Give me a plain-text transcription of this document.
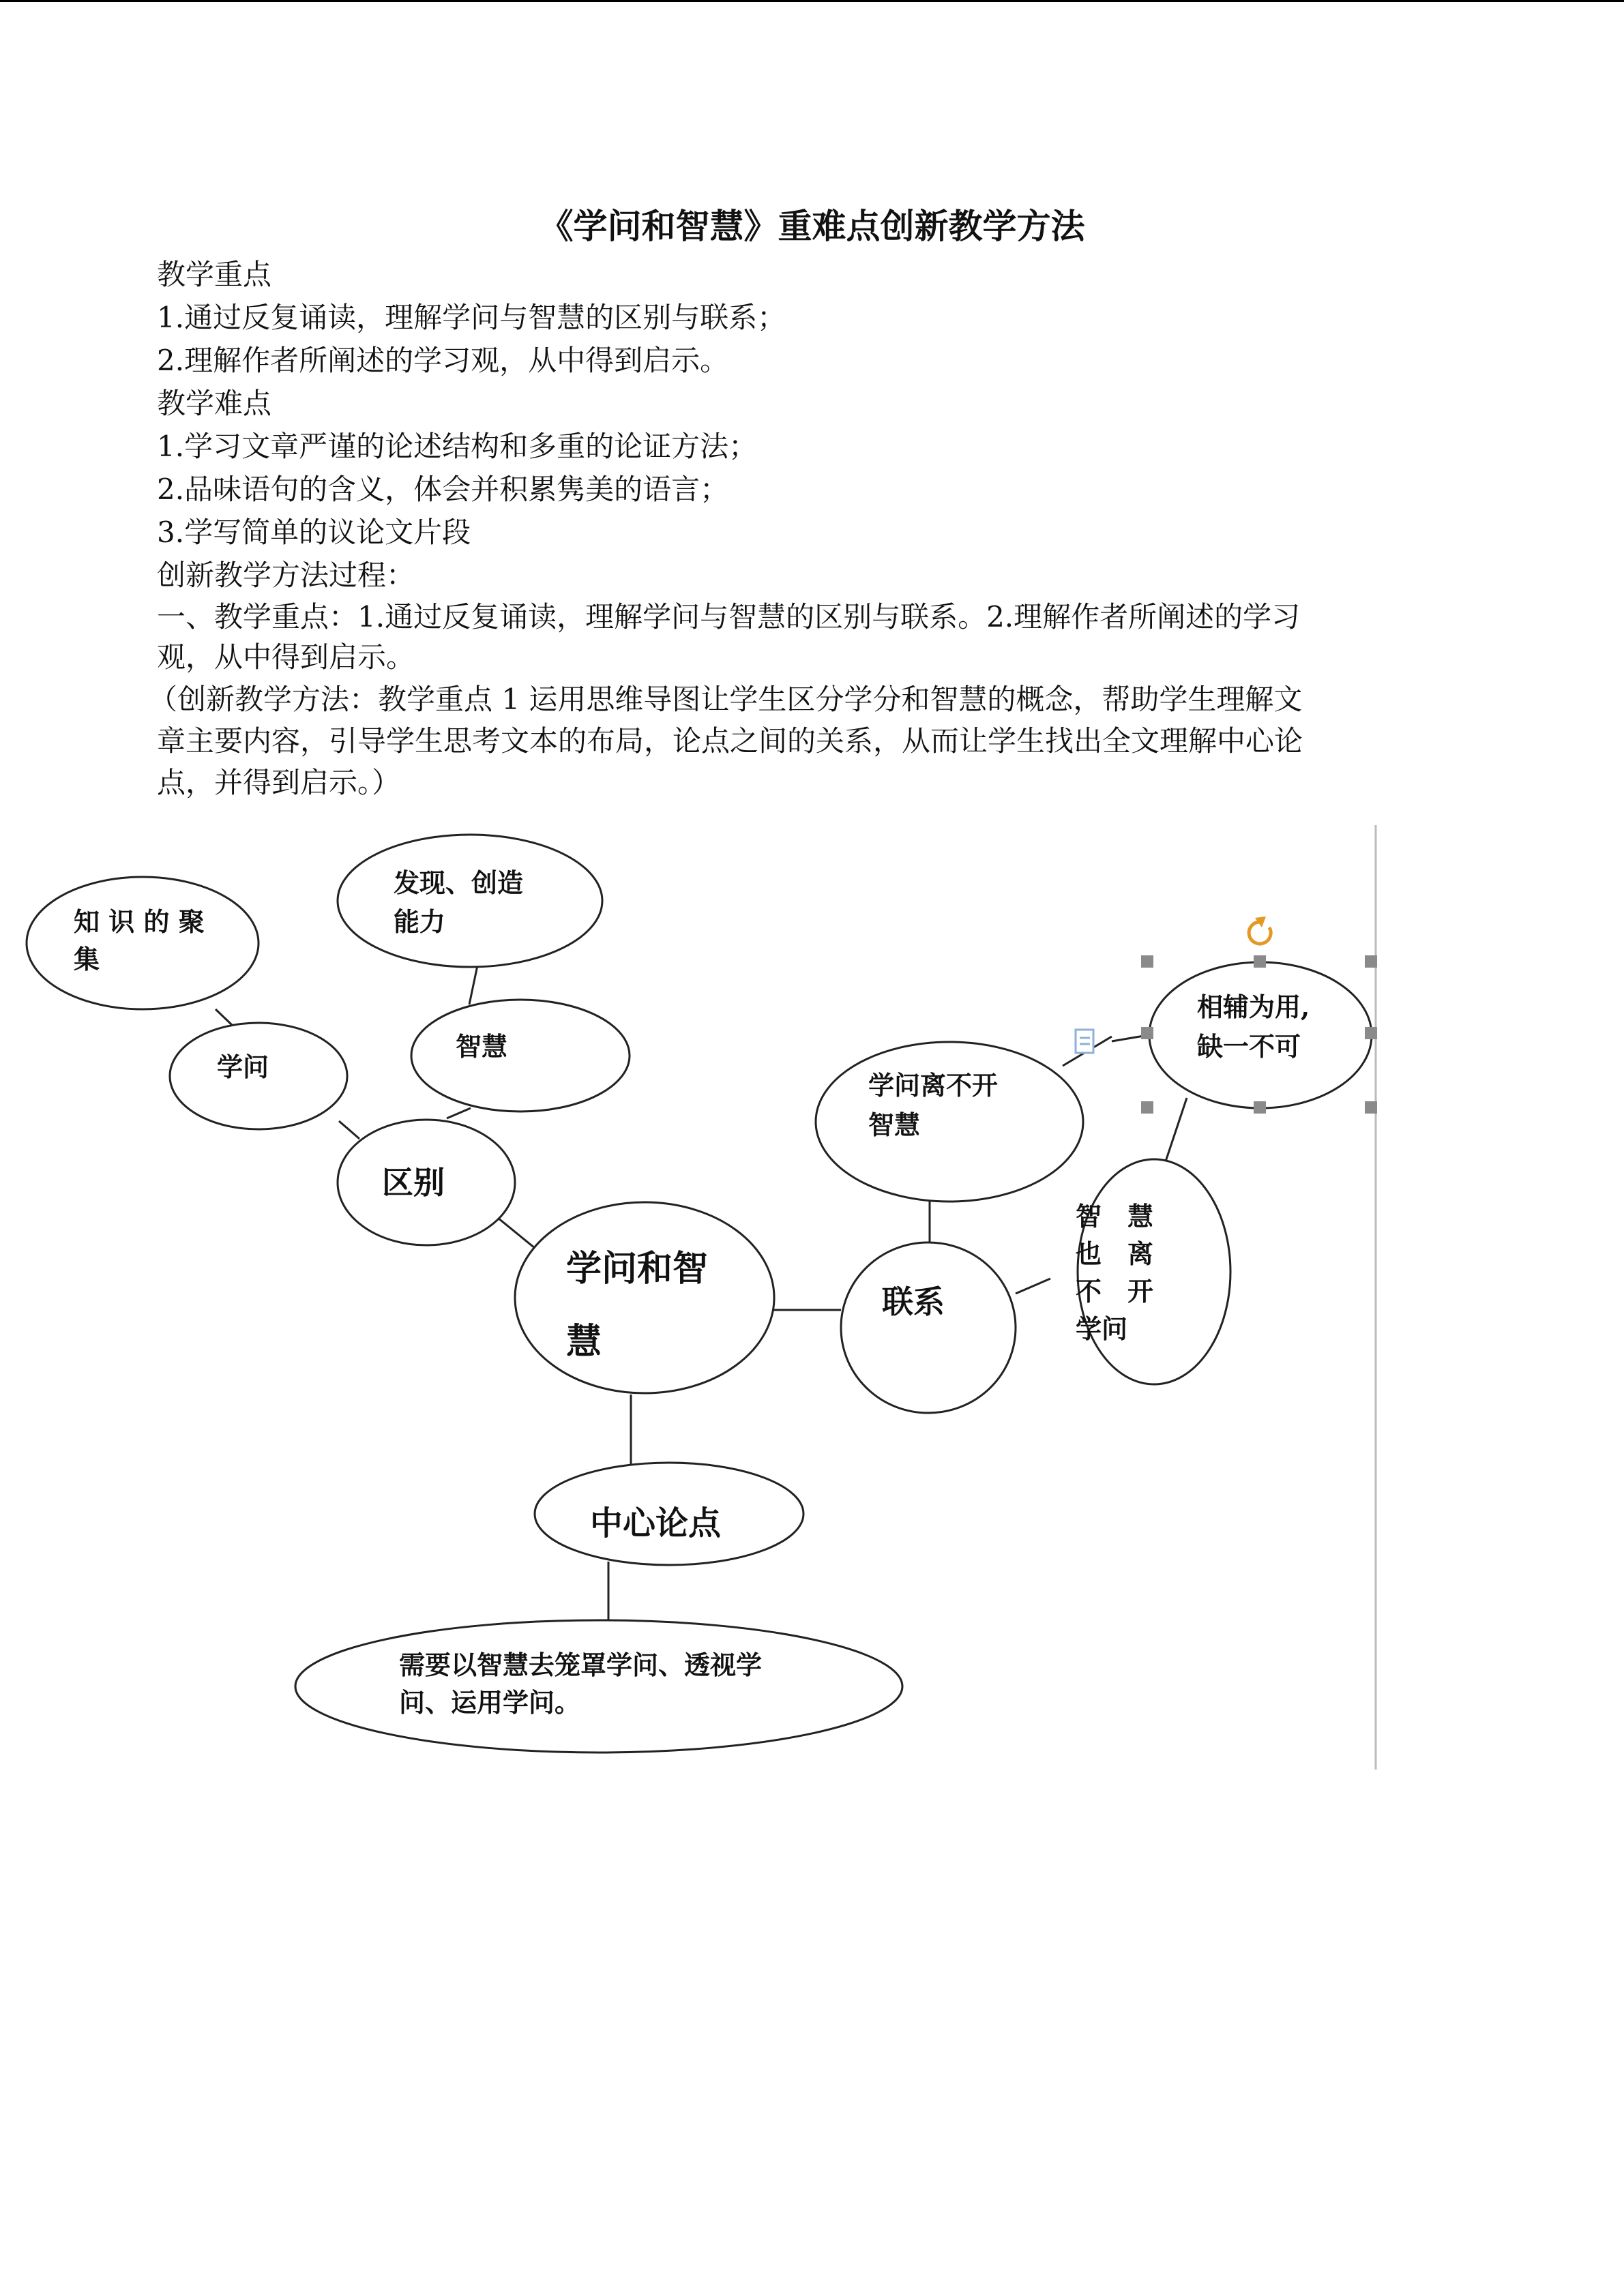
《学问和智慧》重难点创新教学方法
教学重点
1.通过反复诵读，理解学问与智慧的区别与联系；
2.理解作者所阐述的学习观，从中得到启示。
教学难点
1.学习文章严谨的论述结构和多重的论证方法；
2.品味语句的含义，体会并积累隽美的语言；
3.学写简单的议论文片段
创新教学方法过程：
一、教学重点：1.通过反复诵读，理解学问与智慧的区别与联系。2.理解作者所阐述的学习
观，从中得到启示。
（创新教学方法：教学重点 1 运用思维导图让学生区分学分和智慧的概念，帮助学生理解文
章主要内容，引导学生思考文本的布局，论点之间的关系，从而让学生找出全文理解中心论
点，并得到启示。）
知 识 的 聚
集
发现、创造
能力
学问
智慧
区别
学问和智
慧
联系
学问离不开
智慧
相辅为用,
缺一不可
智　慧
也　离
不　开
学问
中心论点
需要以智慧去笼罩学问、透视学
问、运用学问。
